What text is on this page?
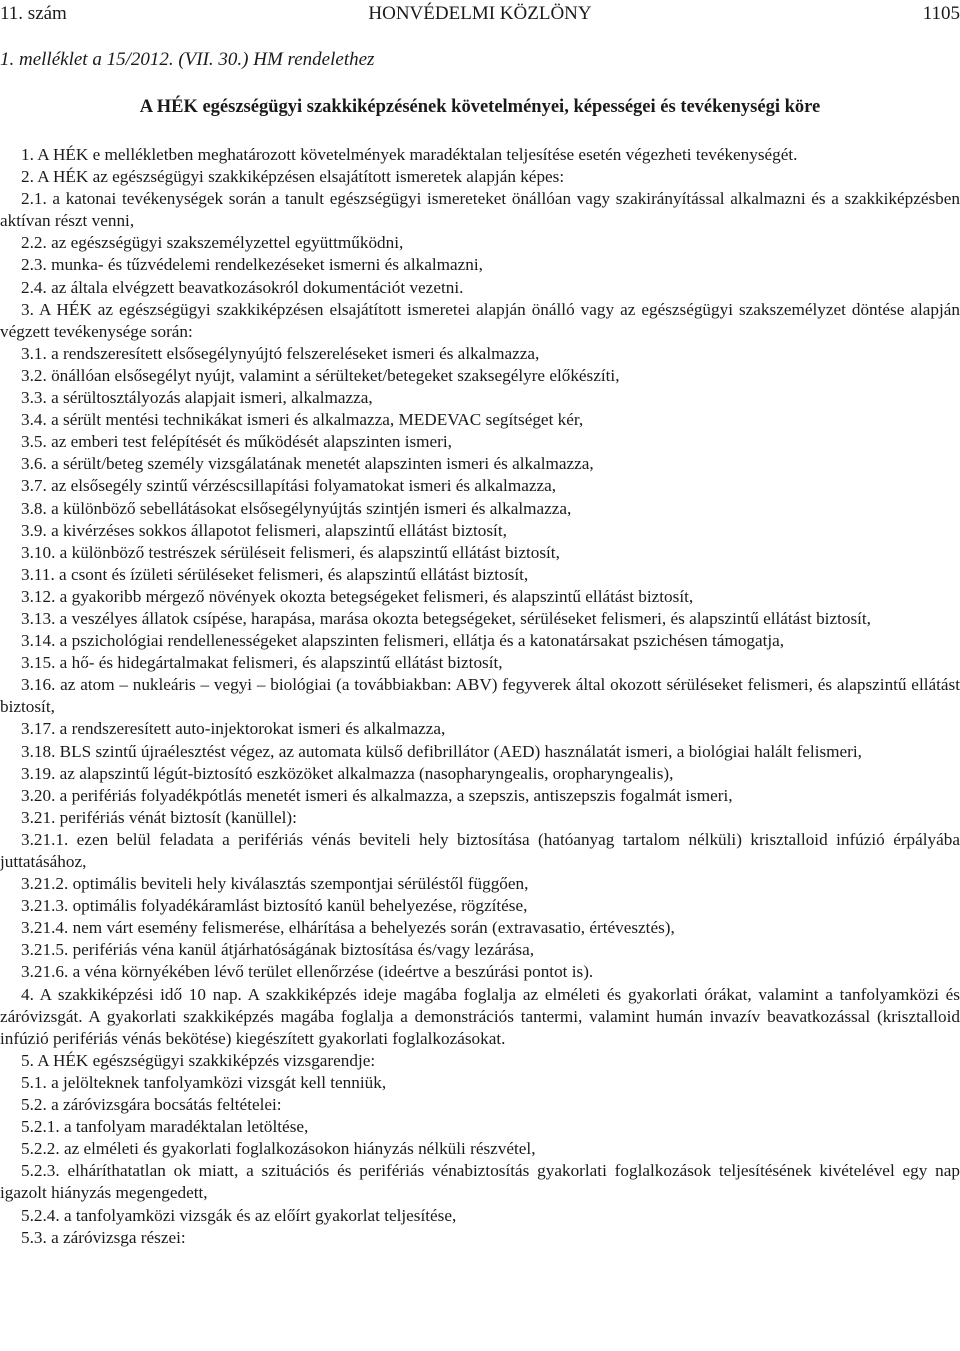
11. szám	HONVÉDELMI KÖZLÖNY	1105
1. melléklet a 15/2012. (VII. 30.) HM rendelethez
A HÉK egészségügyi szakkiképzésének követelményei, képességei és tevékenységi köre

1. A HÉK e mellékletben meghatározott követelmények maradéktalan teljesítése esetén végezheti tevékenységét.

2. A HÉK az egészségügyi szakkiképzésen elsajátított ismeretek alapján képes:

2.1. a katonai tevékenységek során a tanult egészségügyi ismereteket önállóan vagy szakirányítással alkalmazni és a szakkiképzésben aktívan részt venni,

2.2. az egészségügyi szakszemélyzettel együttműködni,

2.3. munka- és tűzvédelemi rendelkezéseket ismerni és alkalmazni,

2.4. az általa elvégzett beavatkozásokról dokumentációt vezetni.

3. A HÉK az egészségügyi szakkiképzésen elsajátított ismeretei alapján önálló vagy az egészségügyi szakszemélyzet döntése alapján végzett tevékenysége során:

3.1. a rendszeresített elsősegélynyújtó felszereléseket ismeri és alkalmazza,

3.2. önállóan elsősegélyt nyújt, valamint a sérülteket/betegeket szaksegélyre előkészíti,

3.3. a sérültosztályozás alapjait ismeri, alkalmazza,

3.4. a sérült mentési technikákat ismeri és alkalmazza, MEDEVAC segítséget kér,

3.5. az emberi test felépítését és működését alapszinten ismeri,

3.6. a sérült/beteg személy vizsgálatának menetét alapszinten ismeri és alkalmazza,

3.7. az elsősegély szintű vérzéscsillapítási folyamatokat ismeri és alkalmazza,

3.8. a különböző sebellátásokat elsősegélynyújtás szintjén ismeri és alkalmazza,

3.9. a kivérzéses sokkos állapotot felismeri, alapszintű ellátást biztosít,

3.10. a különböző testrészek sérüléseit felismeri, és alapszintű ellátást biztosít,

3.11. a csont és ízületi sérüléseket felismeri, és alapszintű ellátást biztosít,

3.12. a gyakoribb mérgező növények okozta betegségeket felismeri, és alapszintű ellátást biztosít,

3.13. a veszélyes állatok csípése, harapása, marása okozta betegségeket, sérüléseket felismeri, és alapszintű ellátást biztosít,

3.14. a pszichológiai rendellenességeket alapszinten felismeri, ellátja és a katonatársakat pszichésen támogatja,

3.15. a hő- és hidegártalmakat felismeri, és alapszintű ellátást biztosít,

3.16. az atom – nukleáris – vegyi – biológiai (a továbbiakban: ABV) fegyverek által okozott sérüléseket felismeri, és alapszintű ellátást biztosít,

3.17. a rendszeresített auto-injektorokat ismeri és alkalmazza,

3.18. BLS szintű újraélesztést végez, az automata külső defibrillátor (AED) használatát ismeri, a biológiai halált felismeri,

3.19. az alapszintű légút-biztosító eszközöket alkalmazza (nasopharyngealis, oropharyngealis),

3.20. a perifériás folyadékpótlás menetét ismeri és alkalmazza, a szepszis, antiszepszis fogalmát ismeri,

3.21. perifériás vénát biztosít (kanüllel):

3.21.1. ezen belül feladata a perifériás vénás beviteli hely biztosítása (hatóanyag tartalom nélküli) krisztalloid infúzió érpályába juttatásához,

3.21.2. optimális beviteli hely kiválasztás szempontjai sérüléstől függően,

3.21.3. optimális folyadékáramlást biztosító kanül behelyezése, rögzítése,

3.21.4. nem várt esemény felismerése, elhárítása a behelyezés során (extravasatio, értévesztés),

3.21.5. perifériás véna kanül átjárhatóságának biztosítása és/vagy lezárása,

3.21.6. a véna környékében lévő terület ellenőrzése (ideértve a beszúrási pontot is).

4. A szakkiképzési idő 10 nap. A szakkiképzés ideje magába foglalja az elméleti és gyakorlati órákat, valamint a tanfolyamközi és záróvizsgát. A gyakorlati szakkiképzés magába foglalja a demonstrációs tantermi, valamint humán invazív beavatkozással (krisztalloid infúzió perifériás vénás bekötése) kiegészített gyakorlati foglalkozásokat.

5. A HÉK egészségügyi szakkiképzés vizsgarendje:

5.1. a jelölteknek tanfolyamközi vizsgát kell tenniük,

5.2. a záróvizsgára bocsátás feltételei:

5.2.1. a tanfolyam maradéktalan letöltése,

5.2.2. az elméleti és gyakorlati foglalkozásokon hiányzás nélküli részvétel,

5.2.3. elháríthatatlan ok miatt, a szituációs és perifériás vénabiztosítás gyakorlati foglalkozások teljesítésének kivételével egy nap igazolt hiányzás megengedett,

5.2.4. a tanfolyamközi vizsgák és az előírt gyakorlat teljesítése,

5.3. a záróvizsga részei:
